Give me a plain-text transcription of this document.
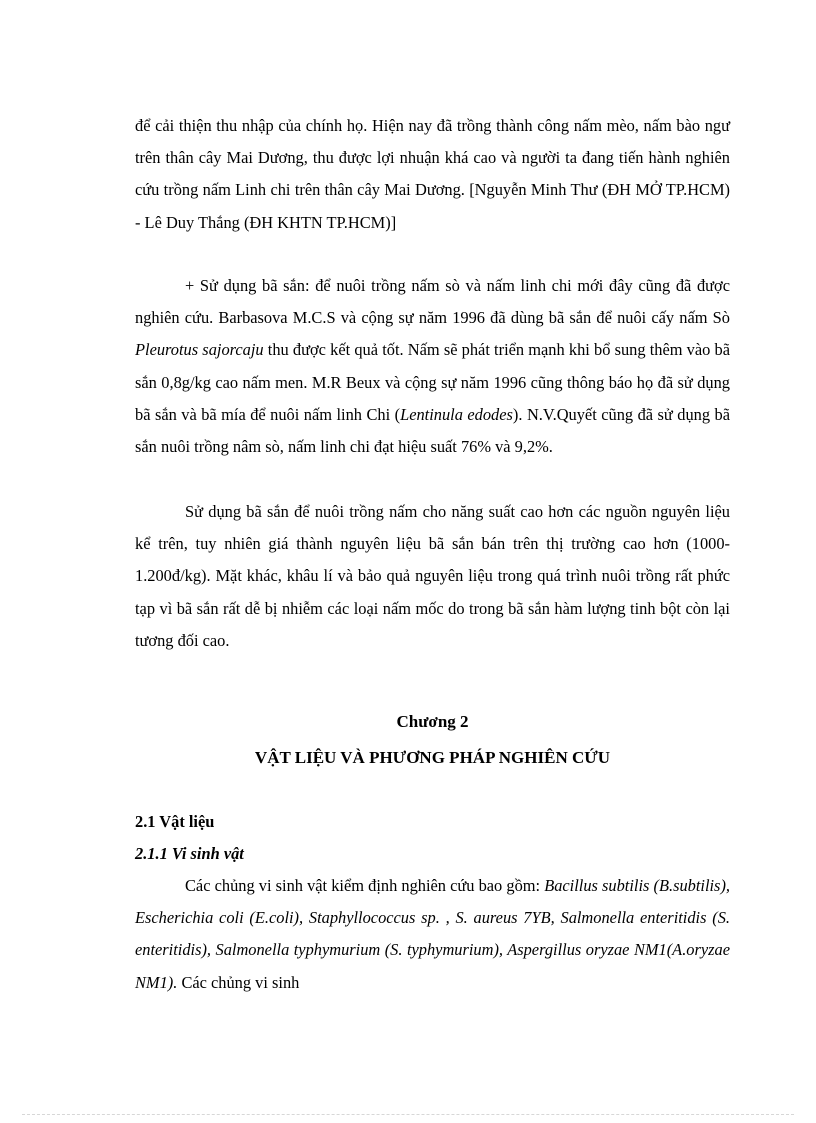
để cải thiện thu nhập của chính họ. Hiện nay đã trồng thành công nấm mèo, nấm bào ngư trên thân cây Mai Dương, thu được lợi nhuận khá cao và người ta đang tiến hành nghiên cứu trồng nấm Linh chi trên thân cây Mai Dương. [Nguyễn Minh Thư (ĐH MỞ TP.HCM) - Lê Duy Thắng (ĐH KHTN TP.HCM)]

+ Sử dụng bã sắn: để nuôi trồng nấm sò và nấm linh chi mới đây cũng đã được nghiên cứu. Barbasova M.C.S và cộng sự năm 1996 đã dùng bã sắn để nuôi cấy nấm Sò Pleurotus sajorcaju thu được kết quả tốt. Nấm sẽ phát triển mạnh khi bổ sung thêm vào bã sắn 0,8g/kg cao nấm men. M.R Beux và cộng sự năm 1996 cũng thông báo họ đã sử dụng bã sắn và bã mía để nuôi nấm linh Chi (Lentinula edodes). N.V.Quyết cũng đã sử dụng bã sắn nuôi trồng nâm sò, nấm linh chi đạt hiệu suất 76% và 9,2%.

Sử dụng bã sắn để nuôi trồng nấm cho năng suất cao hơn các nguồn nguyên liệu kể trên, tuy nhiên giá thành nguyên liệu bã sắn bán trên thị trường cao hơn (1000-1.200đ/kg). Mặt khác, khâu lí và bảo quả nguyên liệu trong quá trình nuôi trồng rất phức tạp vì bã sắn rất dễ bị nhiễm các loại nấm mốc do trong bã sắn hàm lượng tinh bột còn lại tương đối cao.

Chương 2
VẬT LIỆU VÀ PHƯƠNG PHÁP NGHIÊN CỨU
2.1 Vật liệu
2.1.1 Vi sinh vật

Các chủng vi sinh vật kiểm định nghiên cứu bao gồm: Bacillus subtilis (B.subtilis), Escherichia coli (E.coli), Staphyllococcus sp. , S. aureus 7YB, Salmonella enteritidis (S. enteritidis), Salmonella typhymurium (S. typhymurium), Aspergillus oryzae NM1(A.oryzae NM1). Các chủng vi sinh
